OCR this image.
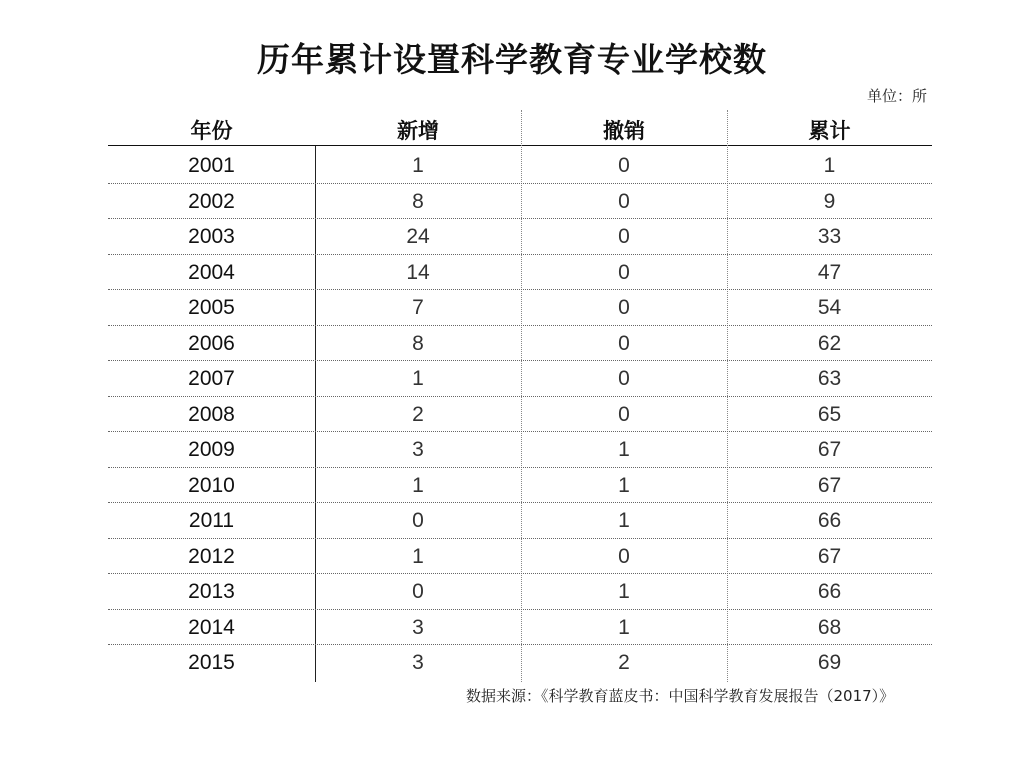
历年累计设置科学教育专业学校数
单位：所
年份	新增	撤销	累计
2001	1	0	1
2002	8	0	9
2003	24	0	33
2004	14	0	47
2005	7	0	54
2006	8	0	62
2007	1	0	63
2008	2	0	65
2009	3	1	67
2010	1	1	67
2011	0	1	66
2012	1	0	67
2013	0	1	66
2014	3	1	68
2015	3	2	69
数据来源：《科学教育蓝皮书：中国科学教育发展报告（2017）》
